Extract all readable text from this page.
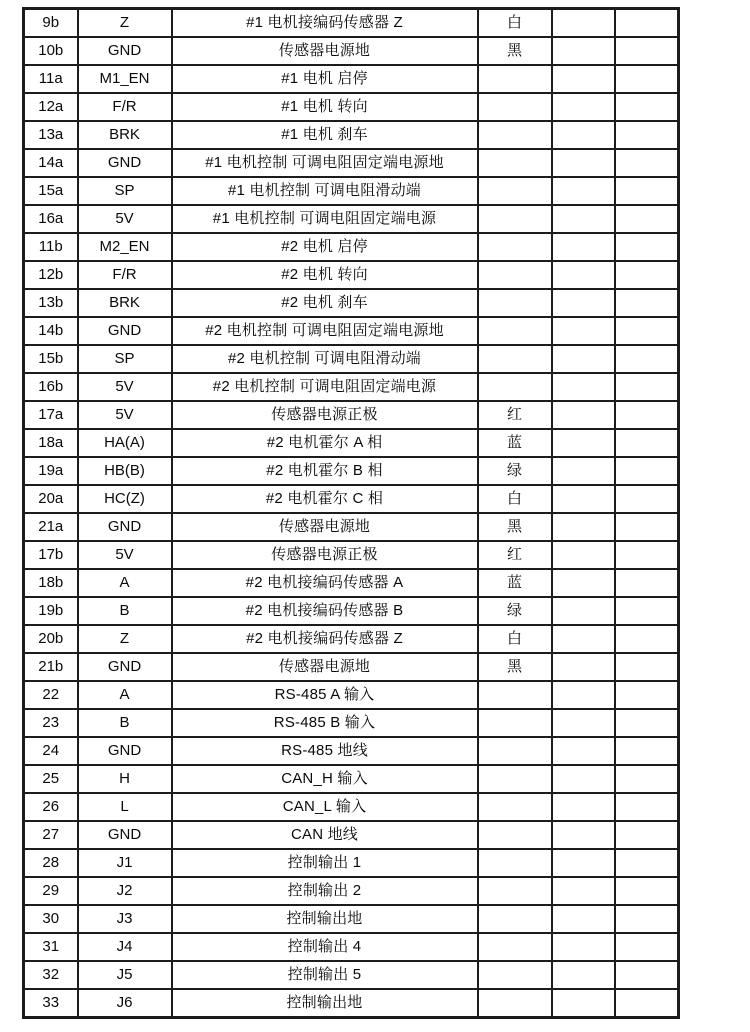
9b	Z	#1 电机接编码传感器 Z	白		
10b	GND	传感器电源地	黑		
11a	M1_EN	#1 电机 启停			
12a	F/R	#1 电机 转向			
13a	BRK	#1 电机 刹车			
14a	GND	#1 电机控制 可调电阻固定端电源地			
15a	SP	#1 电机控制 可调电阻滑动端			
16a	5V	#1 电机控制 可调电阻固定端电源			
11b	M2_EN	#2 电机 启停			
12b	F/R	#2 电机 转向			
13b	BRK	#2 电机 刹车			
14b	GND	#2 电机控制 可调电阻固定端电源地			
15b	SP	#2 电机控制 可调电阻滑动端			
16b	5V	#2 电机控制 可调电阻固定端电源			
17a	5V	传感器电源正极	红		
18a	HA(A)	#2 电机霍尔 A 相	蓝		
19a	HB(B)	#2 电机霍尔 B 相	绿		
20a	HC(Z)	#2 电机霍尔 C 相	白		
21a	GND	传感器电源地	黑		
17b	5V	传感器电源正极	红		
18b	A	#2 电机接编码传感器 A	蓝		
19b	B	#2 电机接编码传感器 B	绿		
20b	Z	#2 电机接编码传感器 Z	白		
21b	GND	传感器电源地	黑		
22	A	RS-485 A 输入			
23	B	RS-485 B 输入			
24	GND	RS-485 地线			
25	H	CAN_H 输入			
26	L	CAN_L 输入			
27	GND	CAN 地线			
28	J1	控制输出 1			
29	J2	控制输出 2			
30	J3	控制输出地			
31	J4	控制输出 4			
32	J5	控制输出 5			
33	J6	控制输出地			
